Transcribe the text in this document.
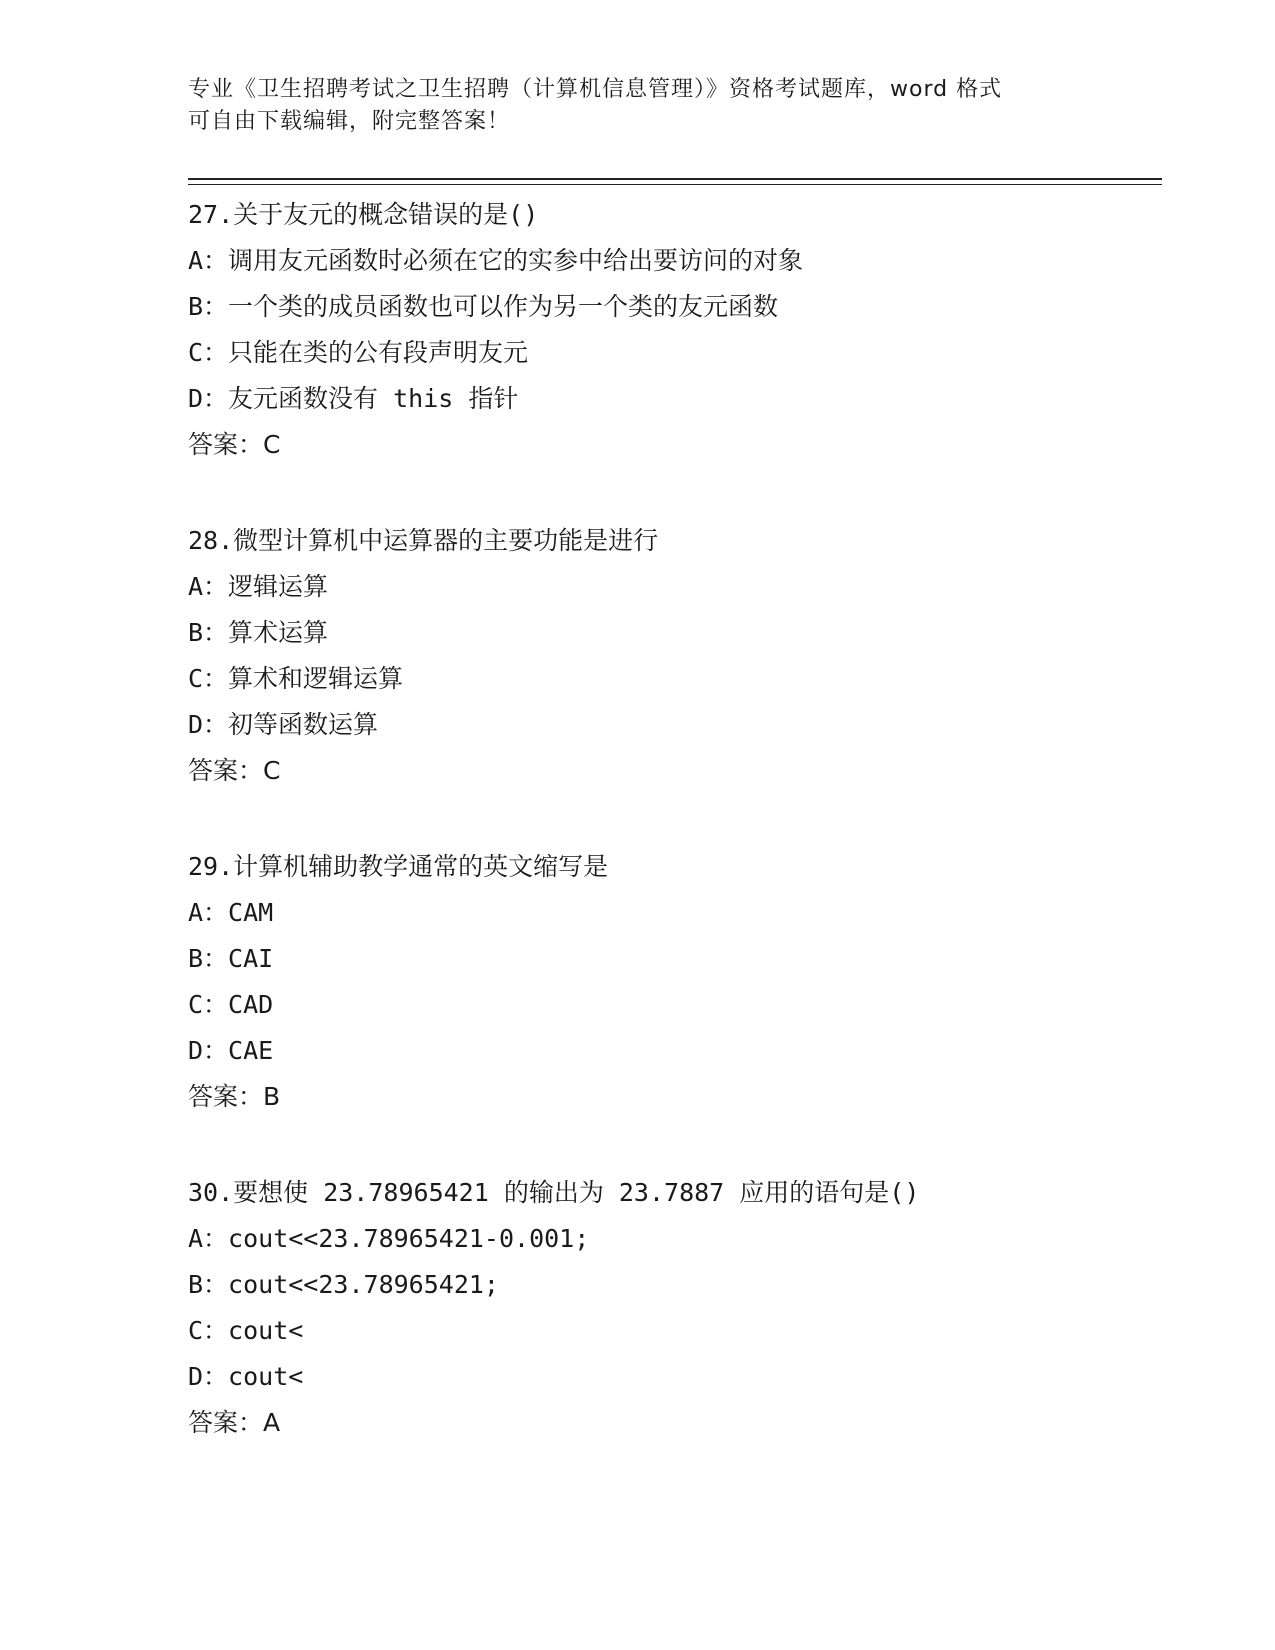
专业《卫生招聘考试之卫生招聘（计算机信息管理）》资格考试题库，word 格式
可自由下载编辑，附完整答案！
27.关于友元的概念错误的是()
A：调用友元函数时必须在它的实参中给出要访问的对象
B：一个类的成员函数也可以作为另一个类的友元函数
C：只能在类的公有段声明友元
D：友元函数没有 this 指针
答案：C
28.微型计算机中运算器的主要功能是进行
A：逻辑运算
B：算术运算
C：算术和逻辑运算
D：初等函数运算
答案：C
29.计算机辅助教学通常的英文缩写是
A：CAM
B：CAI
C：CAD
D：CAE
答案：B
30.要想使 23.78965421 的输出为 23.7887 应用的语句是()
A：cout<<23.78965421-0.001;
B：cout<<23.78965421;
C：cout<
D：cout<
答案：A
